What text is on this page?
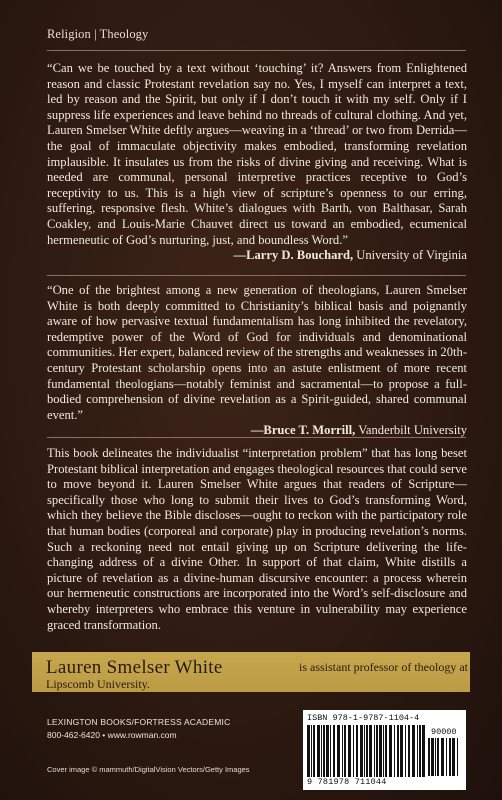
Religion | Theology
“Can we be touched by a text without ‘touching’ it? Answers from Enlightened reason and classic Protestant revelation say no. Yes, I myself can interpret a text, led by reason and the Spirit, but only if I don’t touch it with my self. Only if I suppress life experiences and leave behind no threads of cultural clothing. And yet, Lauren Smelser White deftly argues—weaving in a ‘thread’ or two from Derrida—the goal of immaculate objectivity makes embodied, transforming revelation implausible. It insulates us from the risks of divine giving and receiving. What is needed are communal, personal interpretive practices receptive to God’s receptivity to us. This is a high view of scripture’s openness to our erring, suffering, responsive flesh. White’s dialogues with Barth, von Balthasar, Sarah Coakley, and Louis-Marie Chauvet direct us toward an embodied, ecumenical hermeneutic of God’s nurturing, just, and boundless Word.”
—Larry D. Bouchard, University of Virginia
“One of the brightest among a new generation of theologians, Lauren Smelser White is both deeply committed to Christianity’s biblical basis and poignantly aware of how pervasive textual fundamentalism has long inhibited the revelatory, redemptive power of the Word of God for individuals and denominational communities. Her expert, balanced review of the strengths and weaknesses in 20th-century Protestant scholarship opens into an astute enlistment of more recent fundamental theologians—notably feminist and sacramental—to propose a full-bodied comprehension of divine revelation as a Spirit-guided, shared communal event.”
—Bruce T. Morrill, Vanderbilt University
This book delineates the individualist “interpretation problem” that has long beset Protestant biblical interpretation and engages theological resources that could serve to move beyond it. Lauren Smelser White argues that readers of Scripture—specifically those who long to submit their lives to God’s transforming Word, which they believe the Bible discloses—ought to reckon with the participatory role that human bodies (corporeal and corporate) play in producing revelation’s norms. Such a reckoning need not entail giving up on Scripture delivering the life-changing address of a divine Other. In support of that claim, White distills a picture of revelation as a divine-human discursive encounter: a process wherein our hermeneutic constructions are incorporated into the Word’s self-disclosure and whereby interpreters who embrace this venture in vulnerability may experience graced transformation.
Lauren Smelser White	is assistant professor of theology at
Lipscomb University.
LEXINGTON BOOKS/FORTRESS ACADEMIC
800-462-6420 • www.rowman.com
Cover image © mammuth/DigitalVision Vectors/Getty Images
ISBN 978-1-9787-1104-4
90000
9 781978 711044
